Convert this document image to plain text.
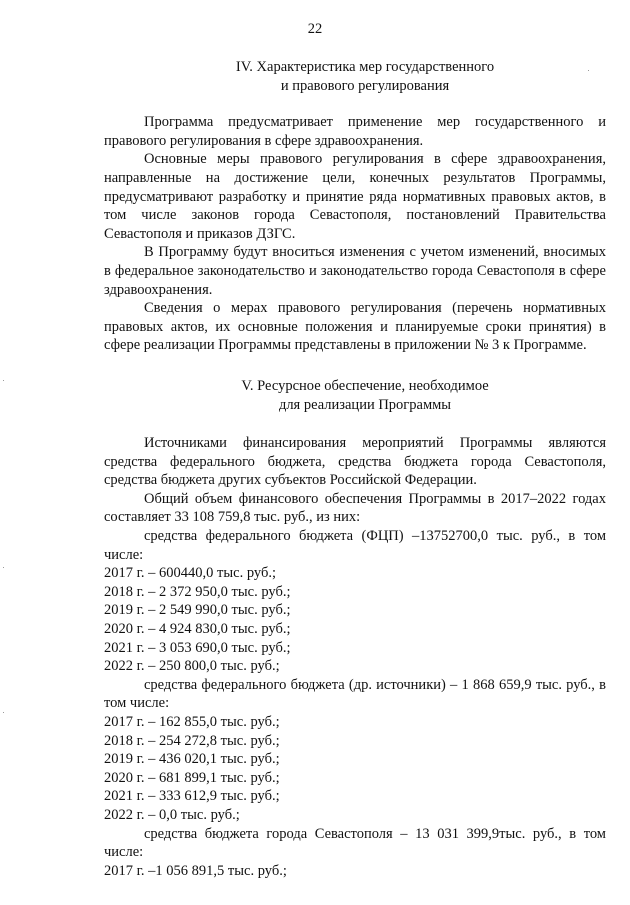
22
IV. Характеристика мер государственного
и правового регулирования

Программа предусматривает применение мер государственного и правового регулирования в сфере здравоохранения.

Основные меры правового регулирования в сфере здравоохранения, направленные на достижение цели, конечных результатов Программы, предусматривают разработку и принятие ряда нормативных правовых актов, в том числе законов города Севастополя, постановлений Правительства Севастополя и приказов ДЗГС.

В Программу будут вноситься изменения с учетом изменений, вносимых в федеральное законодательство и законодательство города Севастополя в сфере здравоохранения.

Сведения о мерах правового регулирования (перечень нормативных правовых актов, их основные положения и планируемые сроки принятия) в сфере реализации Программы представлены в приложении № 3 к Программе.

V. Ресурсное обеспечение, необходимое
для реализации Программы

Источниками финансирования мероприятий Программы являются средства федерального бюджета, средства бюджета города Севастополя, средства бюджета других субъектов Российской Федерации.

Общий объем финансового обеспечения Программы в 2017–2022 годах составляет 33 108 759,8 тыс. руб., из них:

средства федерального бюджета (ФЦП) –13752700,0 тыс. руб., в том числе:

2017 г. – 600440,0 тыс. руб.;

2018 г. – 2 372 950,0 тыс. руб.;

2019 г. – 2 549 990,0 тыс. руб.;

2020 г. – 4 924 830,0 тыс. руб.;

2021 г. – 3 053 690,0 тыс. руб.;

2022 г. – 250 800,0 тыс. руб.;

средства федерального бюджета (др. источники) – 1 868 659,9 тыс. руб., в том числе:

2017 г. – 162 855,0 тыс. руб.;

2018 г. – 254 272,8 тыс. руб.;

2019 г. – 436 020,1 тыс. руб.;

2020 г. – 681 899,1 тыс. руб.;

2021 г. – 333 612,9 тыс. руб.;

2022 г. – 0,0 тыс. руб.;

средства бюджета города Севастополя – 13 031 399,9тыс. руб., в том числе:

2017 г. –1 056 891,5 тыс. руб.;
